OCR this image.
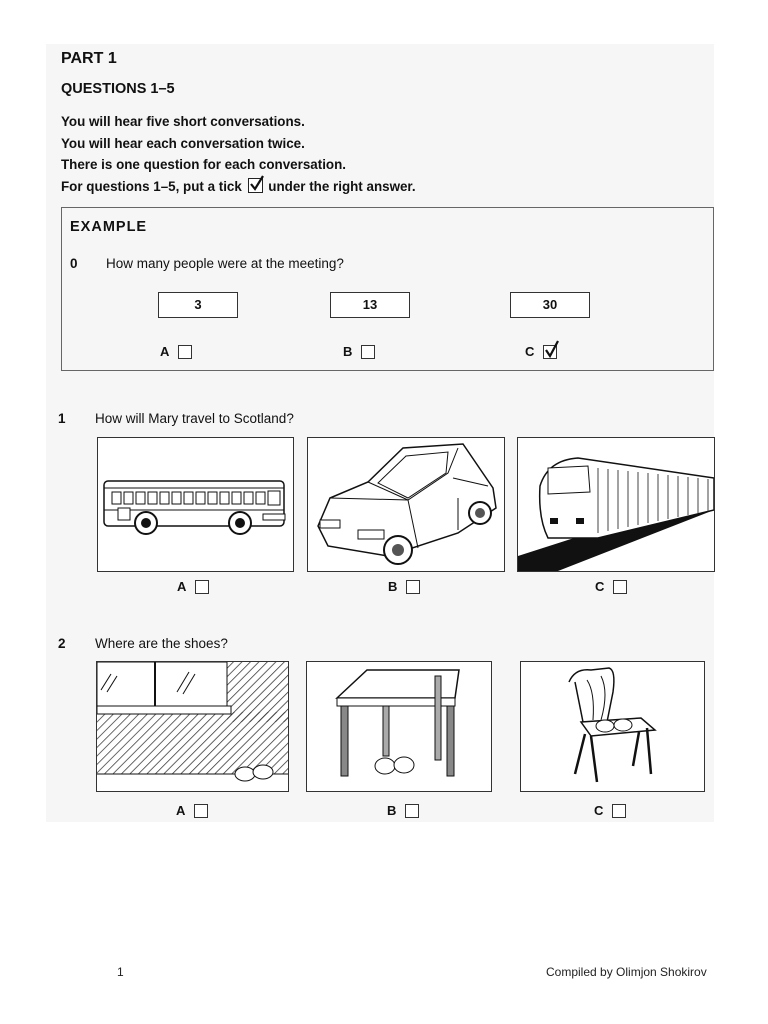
PART 1
QUESTIONS 1–5
You will hear five short conversations.
You will hear each conversation twice.
There is one question for each conversation.
For questions 1–5, put a tick under the right answer.
EXAMPLE
0 How many people were at the meeting?
3	13	30
A	B	C
1 How will Mary travel to Scotland?
A	B	C
2 Where are the shoes?
A	B	C
1	Compiled by Olimjon Shokirov
